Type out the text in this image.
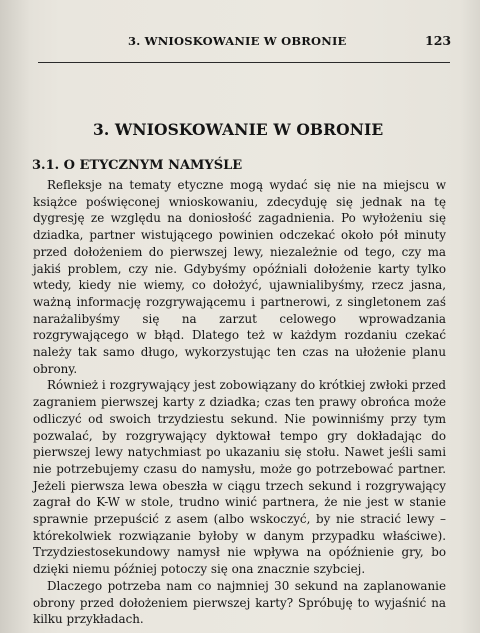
3. WNIOSKOWANIE W OBRONIE	123
3. WNIOSKOWANIE W OBRONIE
3.1. O ETYCZNYM NAMYŚLE

Refleksje na tematy etyczne mogą wydać się nie na miejscu w książce poświęconej wnioskowaniu, zdecyduję się jednak na tę dygresję ze względu na doniosłość zagadnienia. Po wyłożeniu się dziadka, partner wistującego powinien odczekać około pół minuty przed dołożeniem do pierwszej lewy, niezależnie od tego, czy ma jakiś problem, czy nie. Gdybyśmy opóźniali dołożenie karty tylko wtedy, kiedy nie wiemy, co dołożyć, ujawnialibyśmy, rzecz jasna, ważną informację rozgrywającemu i partnerowi, z singletonem zaś narażalibyśmy się na zarzut celowego wprowadzania rozgrywającego w błąd. Dlatego też w każdym rozdaniu czekać należy tak samo długo, wykorzystując ten czas na ułożenie planu obrony.

Również i rozgrywający jest zobowiązany do krótkiej zwłoki przed zagraniem pierwszej karty z dziadka; czas ten prawy obrońca może odliczyć od swoich trzydziestu sekund. Nie powinniśmy przy tym pozwalać, by rozgrywający dyktował tempo gry dokładając do pierwszej lewy natychmiast po ukazaniu się stołu. Nawet jeśli sami nie potrzebujemy czasu do namysłu, może go potrzebować partner. Jeżeli pierwsza lewa obeszła w ciągu trzech sekund i rozgrywający zagrał do K-W w stole, trudno winić partnera, że nie jest w stanie sprawnie przepuścić z asem (albo wskoczyć, by nie stracić lewy – którekolwiek rozwiązanie byłoby w danym przypadku właściwe). Trzydziestosekundowy namysł nie wpływa na opóźnienie gry, bo dzięki niemu później potoczy się ona znacznie szybciej.

Dlaczego potrzeba nam co najmniej 30 sekund na zaplanowanie obrony przed dołożeniem pierwszej karty? Spróbuję to wyjaśnić na kilku przykładach.
